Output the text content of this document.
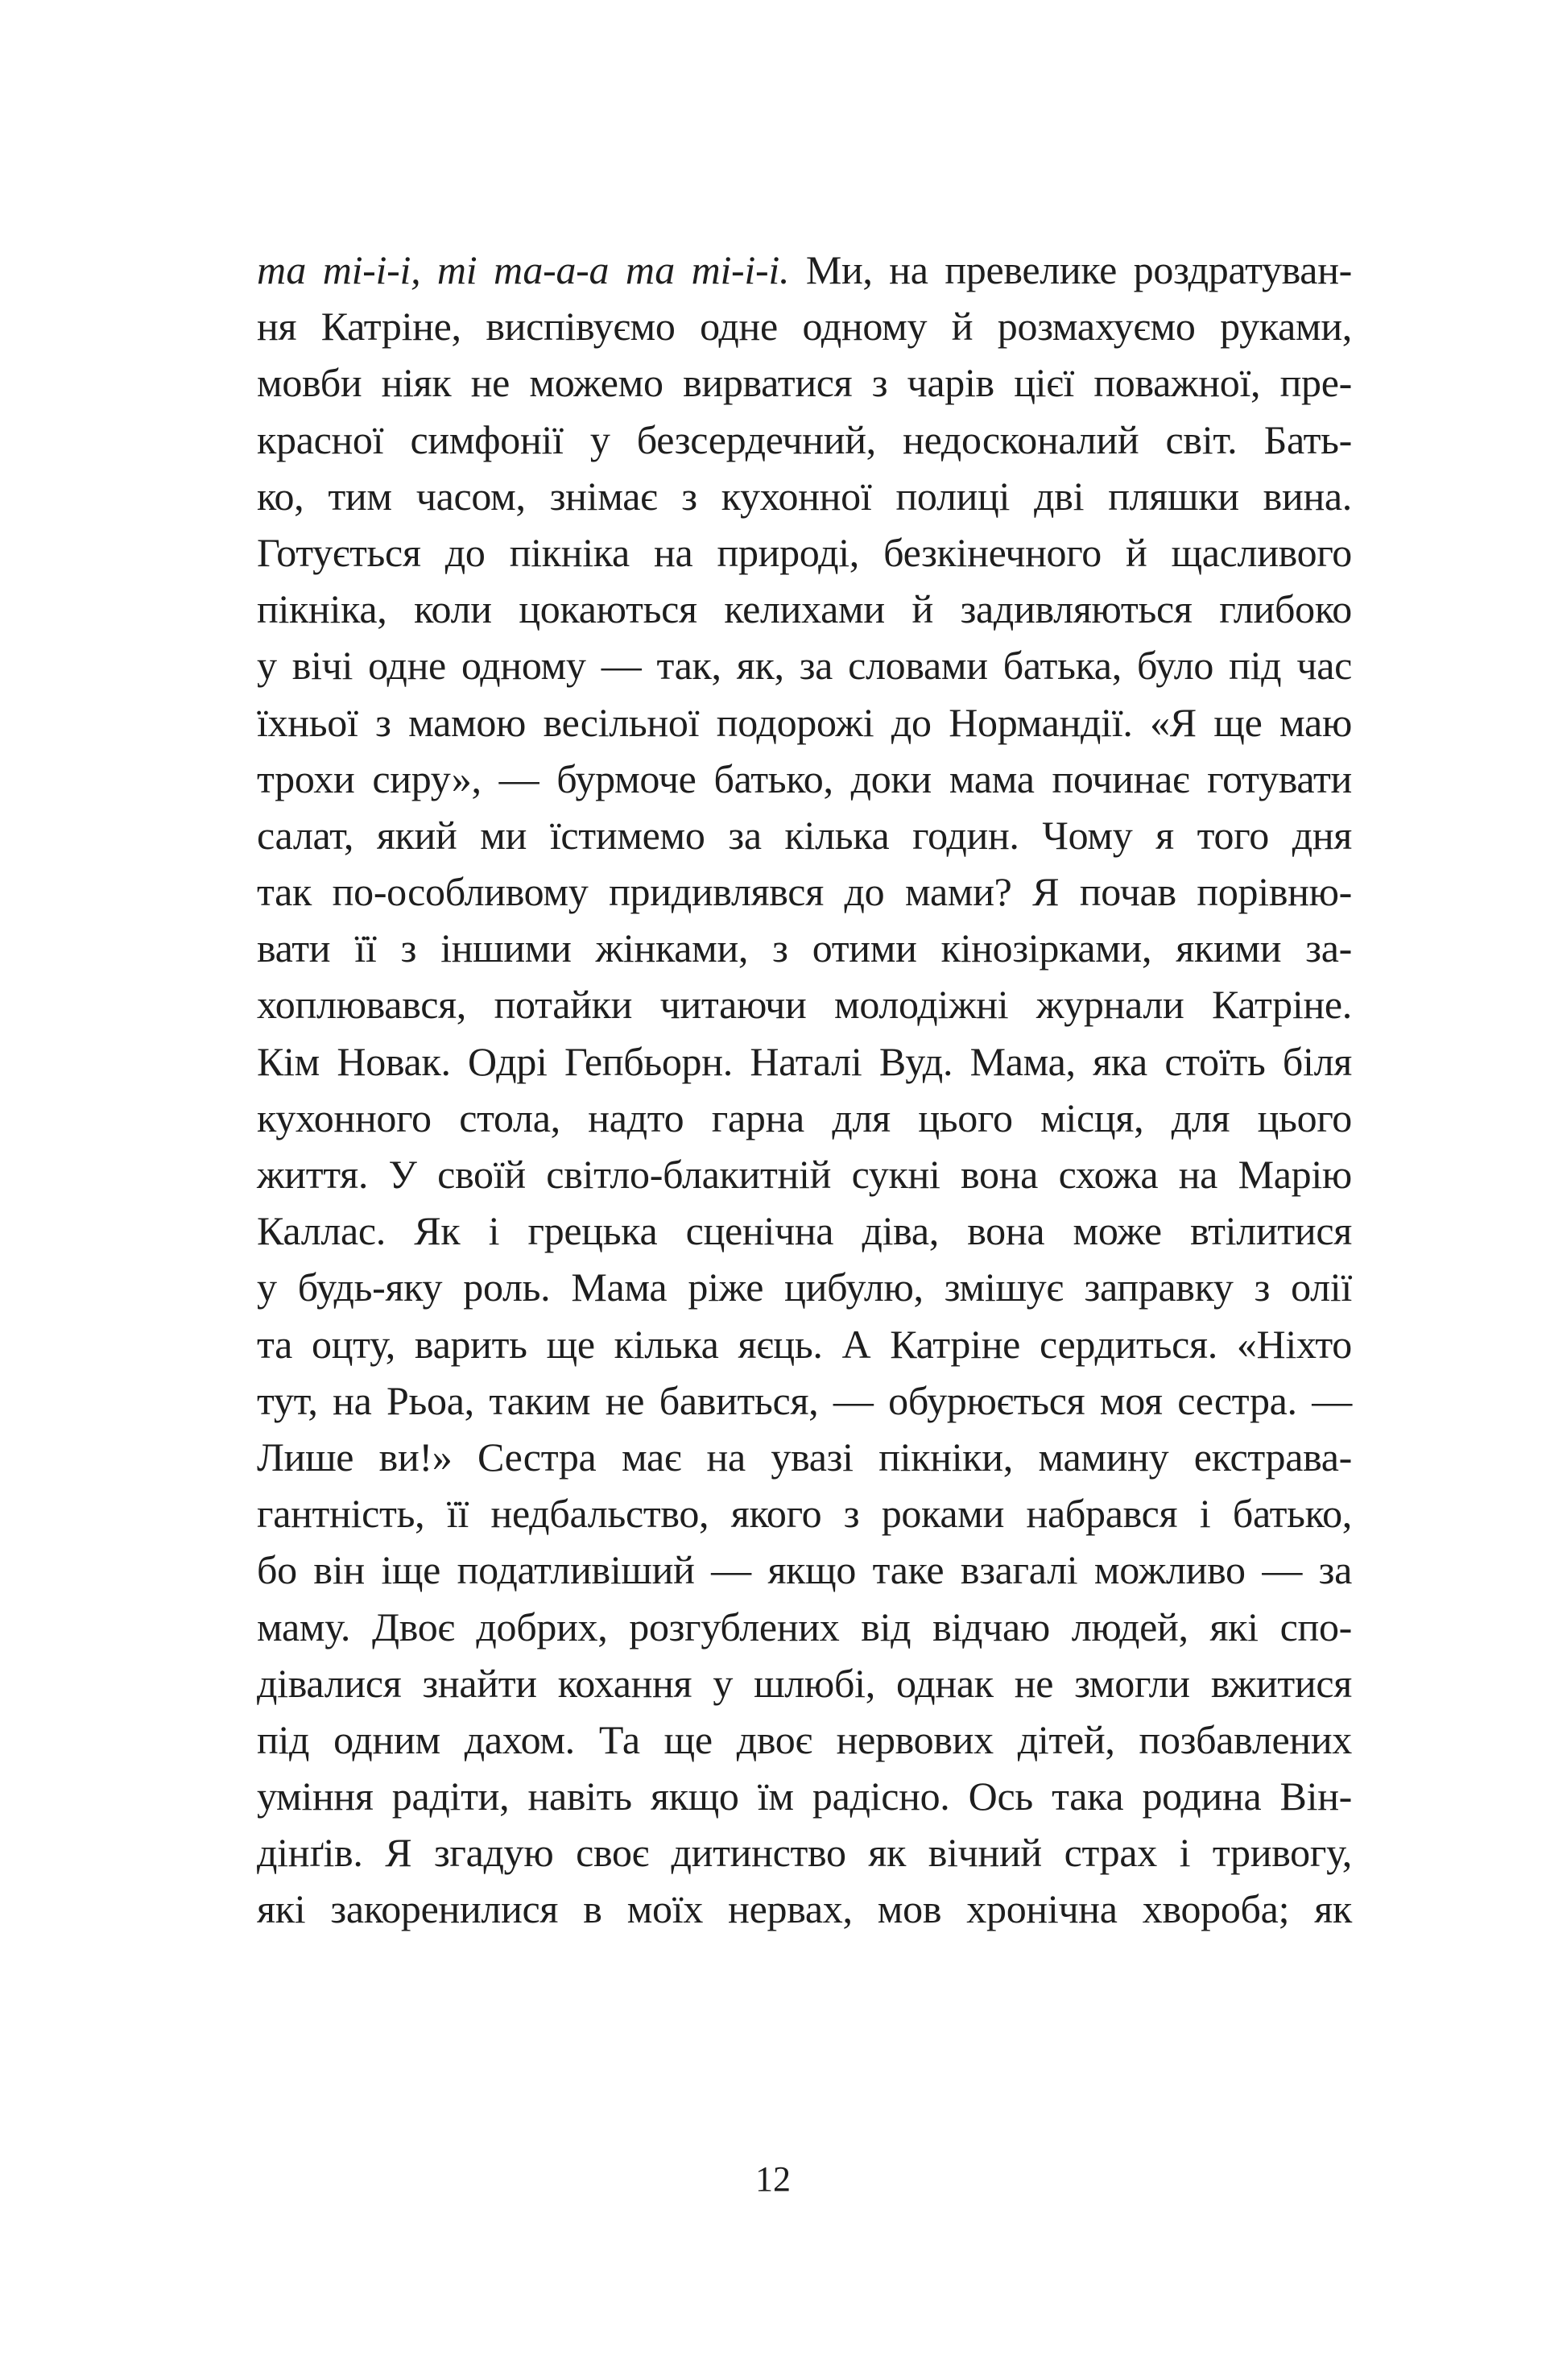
та ті-і-і, ті та-а-а та ті-і-і. Ми, на превелике роздратуван-
ня Катріне, виспівуємо одне одному й розмахуємо руками,
мовби ніяк не можемо вирватися з чарів цієї поважної, пре-
красної симфонії у безсердечний, недосконалий світ. Бать-
ко, тим часом, знімає з кухонної полиці дві пляшки вина.
Готується до пікніка на природі, безкінечного й щасливого
пікніка, коли цокаються келихами й задивляються глибоко
у вічі одне одному — так, як, за словами батька, було під час
їхньої з мамою весільної подорожі до Нормандії. «Я ще маю
трохи сиру», — бурмоче батько, доки мама починає готувати
салат, який ми їстимемо за кілька годин. Чому я того дня
так по-особливому придивлявся до мами? Я почав порівню-
вати її з іншими жінками, з отими кінозірками, якими за-
хоплювався, потайки читаючи молодіжні журнали Катріне.
Кім Новак. Одрі Гепбьорн. Наталі Вуд. Мама, яка стоїть біля
кухонного стола, надто гарна для цього місця, для цього
життя. У своїй світло-блакитній сукні вона схожа на Марію
Каллас. Як і грецька сценічна діва, вона може втілитися
у будь-яку роль. Мама ріже цибулю, змішує заправку з олії
та оцту, варить ще кілька яєць. А Катріне сердиться. «Ніхто
тут, на Рьоа, таким не бавиться, — обурюється моя сестра. —
Лише ви!» Сестра має на увазі пікніки, мамину екстрава-
гантність, її недбальство, якого з роками набрався і батько,
бо він іще податливіший — якщо таке взагалі можливо — за
маму. Двоє добрих, розгублених від відчаю людей, які спо-
дівалися знайти кохання у шлюбі, однак не змогли вжитися
під одним дахом. Та ще двоє нервових дітей, позбавлених
уміння радіти, навіть якщо їм радісно. Ось така родина Він-
дінґів. Я згадую своє дитинство як вічний страх і тривогу,
які закоренилися в моїх нервах, мов хронічна хвороба; як
12
